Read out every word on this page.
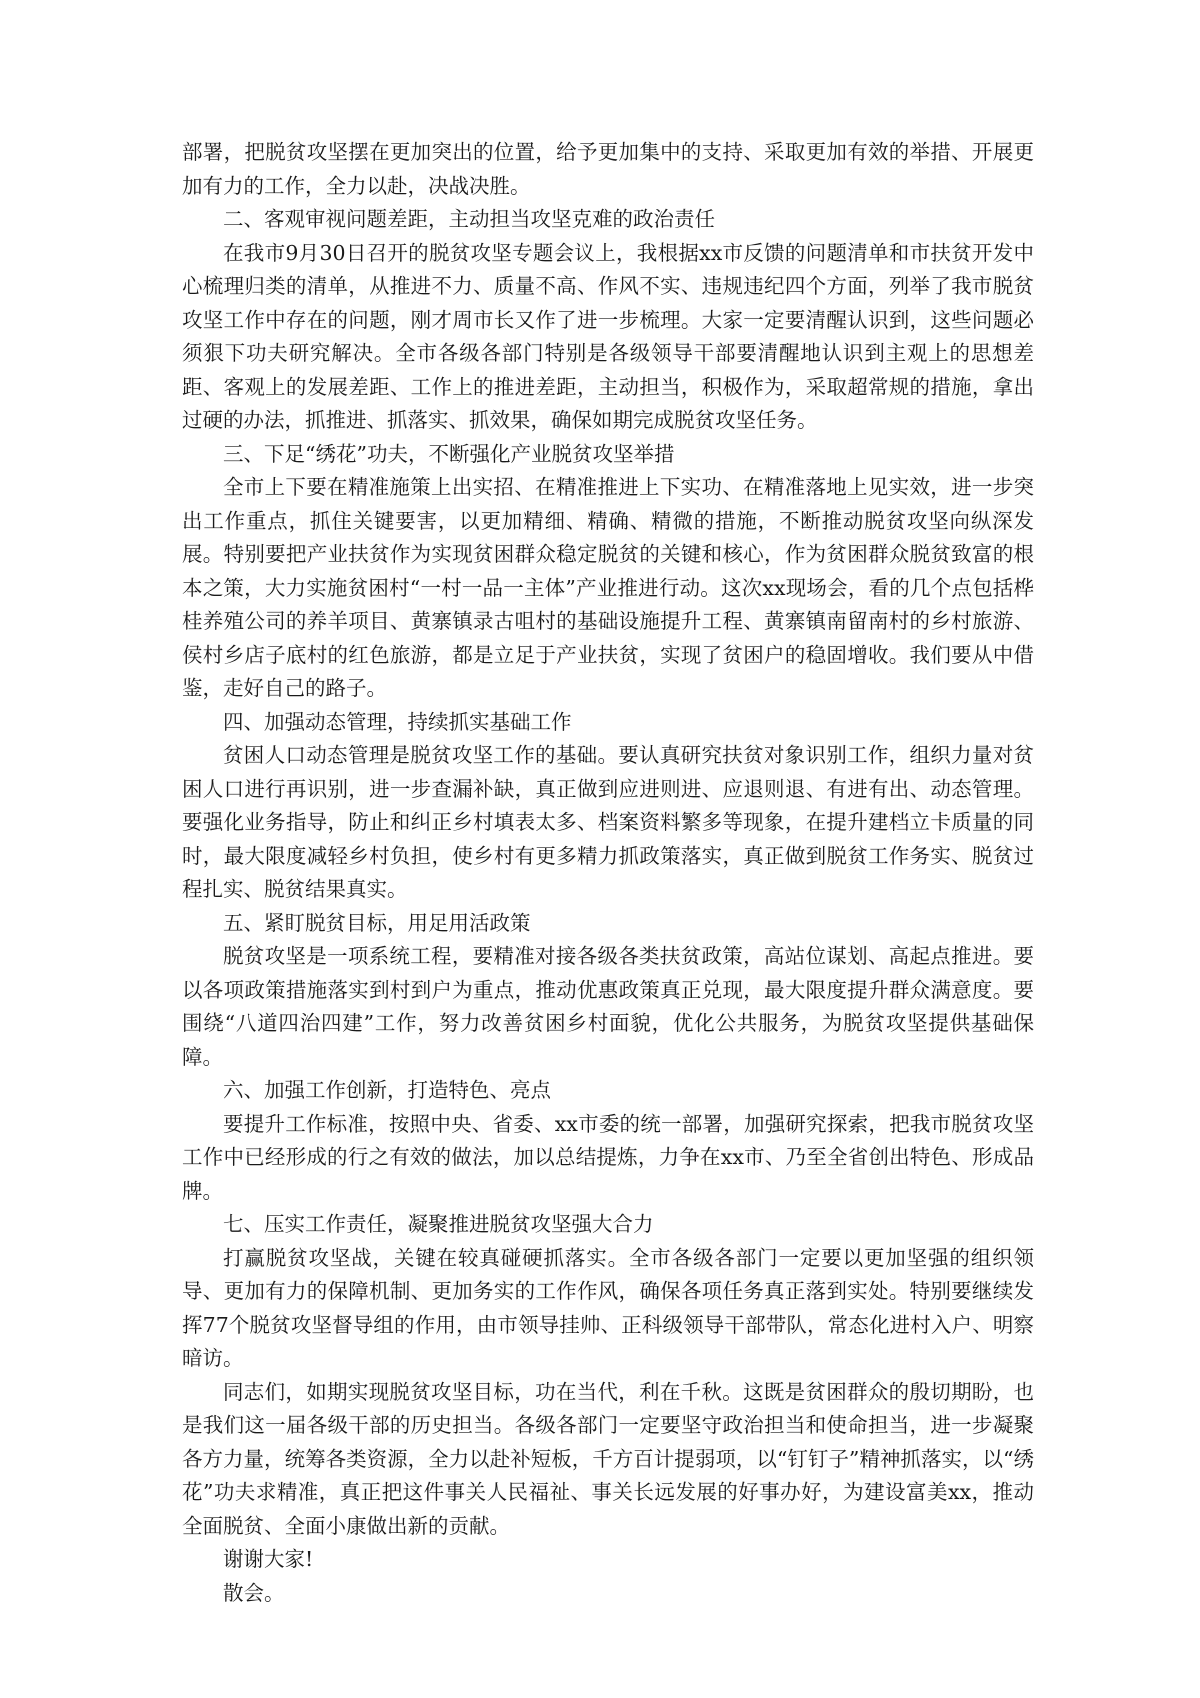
部署，把脱贫攻坚摆在更加突出的位置，给予更加集中的支持、采取更加有效的举措、开展更加有力的工作，全力以赴，决战决胜。

二、客观审视问题差距，主动担当攻坚克难的政治责任

在我市9月30日召开的脱贫攻坚专题会议上，我根据xx市反馈的问题清单和市扶贫开发中心梳理归类的清单，从推进不力、质量不高、作风不实、违规违纪四个方面，列举了我市脱贫攻坚工作中存在的问题，刚才周市长又作了进一步梳理。大家一定要清醒认识到，这些问题必须狠下功夫研究解决。全市各级各部门特别是各级领导干部要清醒地认识到主观上的思想差距、客观上的发展差距、工作上的推进差距，主动担当，积极作为，采取超常规的措施，拿出过硬的办法，抓推进、抓落实、抓效果，确保如期完成脱贫攻坚任务。

三、下足“绣花”功夫，不断强化产业脱贫攻坚举措

全市上下要在精准施策上出实招、在精准推进上下实功、在精准落地上见实效，进一步突出工作重点，抓住关键要害，以更加精细、精确、精微的措施，不断推动脱贫攻坚向纵深发展。特别要把产业扶贫作为实现贫困群众稳定脱贫的关键和核心，作为贫困群众脱贫致富的根本之策，大力实施贫困村“一村一品一主体”产业推进行动。这次xx现场会，看的几个点包括桦桂养殖公司的养羊项目、黄寨镇录古咀村的基础设施提升工程、黄寨镇南留南村的乡村旅游、侯村乡店子底村的红色旅游，都是立足于产业扶贫，实现了贫困户的稳固增收。我们要从中借鉴，走好自己的路子。

四、加强动态管理，持续抓实基础工作

贫困人口动态管理是脱贫攻坚工作的基础。要认真研究扶贫对象识别工作，组织力量对贫困人口进行再识别，进一步查漏补缺，真正做到应进则进、应退则退、有进有出、动态管理。要强化业务指导，防止和纠正乡村填表太多、档案资料繁多等现象，在提升建档立卡质量的同时，最大限度减轻乡村负担，使乡村有更多精力抓政策落实，真正做到脱贫工作务实、脱贫过程扎实、脱贫结果真实。

五、紧盯脱贫目标，用足用活政策

脱贫攻坚是一项系统工程，要精准对接各级各类扶贫政策，高站位谋划、高起点推进。要以各项政策措施落实到村到户为重点，推动优惠政策真正兑现，最大限度提升群众满意度。要围绕“八道四治四建”工作，努力改善贫困乡村面貌，优化公共服务，为脱贫攻坚提供基础保障。

六、加强工作创新，打造特色、亮点

要提升工作标准，按照中央、省委、xx市委的统一部署，加强研究探索，把我市脱贫攻坚工作中已经形成的行之有效的做法，加以总结提炼，力争在xx市、乃至全省创出特色、形成品牌。

七、压实工作责任，凝聚推进脱贫攻坚强大合力

打赢脱贫攻坚战，关键在较真碰硬抓落实。全市各级各部门一定要以更加坚强的组织领导、更加有力的保障机制、更加务实的工作作风，确保各项任务真正落到实处。特别要继续发挥77个脱贫攻坚督导组的作用，由市领导挂帅、正科级领导干部带队，常态化进村入户、明察暗访。

同志们，如期实现脱贫攻坚目标，功在当代，利在千秋。这既是贫困群众的殷切期盼，也是我们这一届各级干部的历史担当。各级各部门一定要坚守政治担当和使命担当，进一步凝聚各方力量，统筹各类资源，全力以赴补短板，千方百计提弱项，以“钉钉子”精神抓落实，以“绣花”功夫求精准，真正把这件事关人民福祉、事关长远发展的好事办好，为建设富美xx，推动全面脱贫、全面小康做出新的贡献。

谢谢大家!

散会。
